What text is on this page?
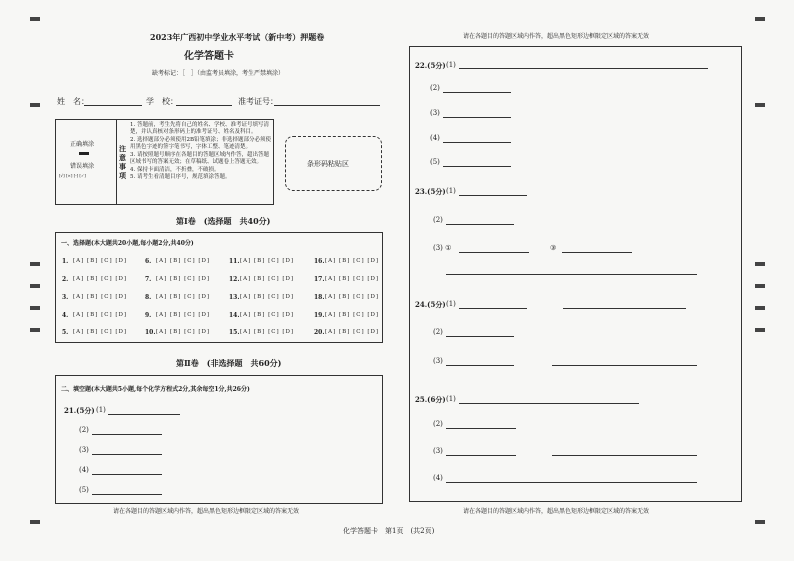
2023年广西初中学业水平考试（新中考）押题卷
化学答题卡
缺考标记：［　］（由监考员填涂，考生严禁填涂）
姓　名：	学　校：	准考证号：
正确填涂
错误填涂
[√] [×] [-] [✓]
注意事项
1. 答题前，考生先将自己的姓名、学校、准考证号填写清楚，并认真核对条形码上的准考证号、姓名及科目。
2. 选择题部分必须使用2B铅笔填涂；非选择题部分必须使用黑色字迹的签字笔书写，字体工整、笔迹清楚。
3. 请按照题号顺序在各题目的答题区域内作答，超出答题区域书写的答案无效；在草稿纸、试题卷上答题无效。
4. 保持卡面清洁，不折叠，不破损。
5. 请考生看清题目序号，规范填涂答题。
条形码粘贴区
第Ⅰ卷　(选择题　共40分)
一、选择题(本大题共20小题,每小题2分,共40分)
1. [A] [B] [C] [D]
2. [A] [B] [C] [D]
3. [A] [B] [C] [D]
4. [A] [B] [C] [D]
5. [A] [B] [C] [D]
6. [A] [B] [C] [D]
7. [A] [B] [C] [D]
8. [A] [B] [C] [D]
9. [A] [B] [C] [D]
10. [A] [B] [C] [D]
11. [A] [B] [C] [D]
12. [A] [B] [C] [D]
13. [A] [B] [C] [D]
14. [A] [B] [C] [D]
15. [A] [B] [C] [D]
16. [A] [B] [C] [D]
17. [A] [B] [C] [D]
18. [A] [B] [C] [D]
19. [A] [B] [C] [D]
20. [A] [B] [C] [D]
第Ⅱ卷　(非选择题　共60分)
二、填空题(本大题共5小题,每个化学方程式2分,其余每空1分,共26分)
21.(5分) (1)
(2)
(3)
(4)
(5)
请在各题目的答题区域内作答，超出黑色矩形边框限定区域的答案无效
请在各题目的答题区域内作答，超出黑色矩形边框限定区域的答案无效
22.(5分) (1)
(2)
(3)
(4)
(5)
23.(5分) (1)
(2)
(3) ①	③
24.(5分) (1)
(2)
(3)
25.(6分) (1)
(2)
(3)
(4)
请在各题目的答题区域内作答，超出黑色矩形边框限定区域的答案无效
化学答题卡　第1页　(共2页)
